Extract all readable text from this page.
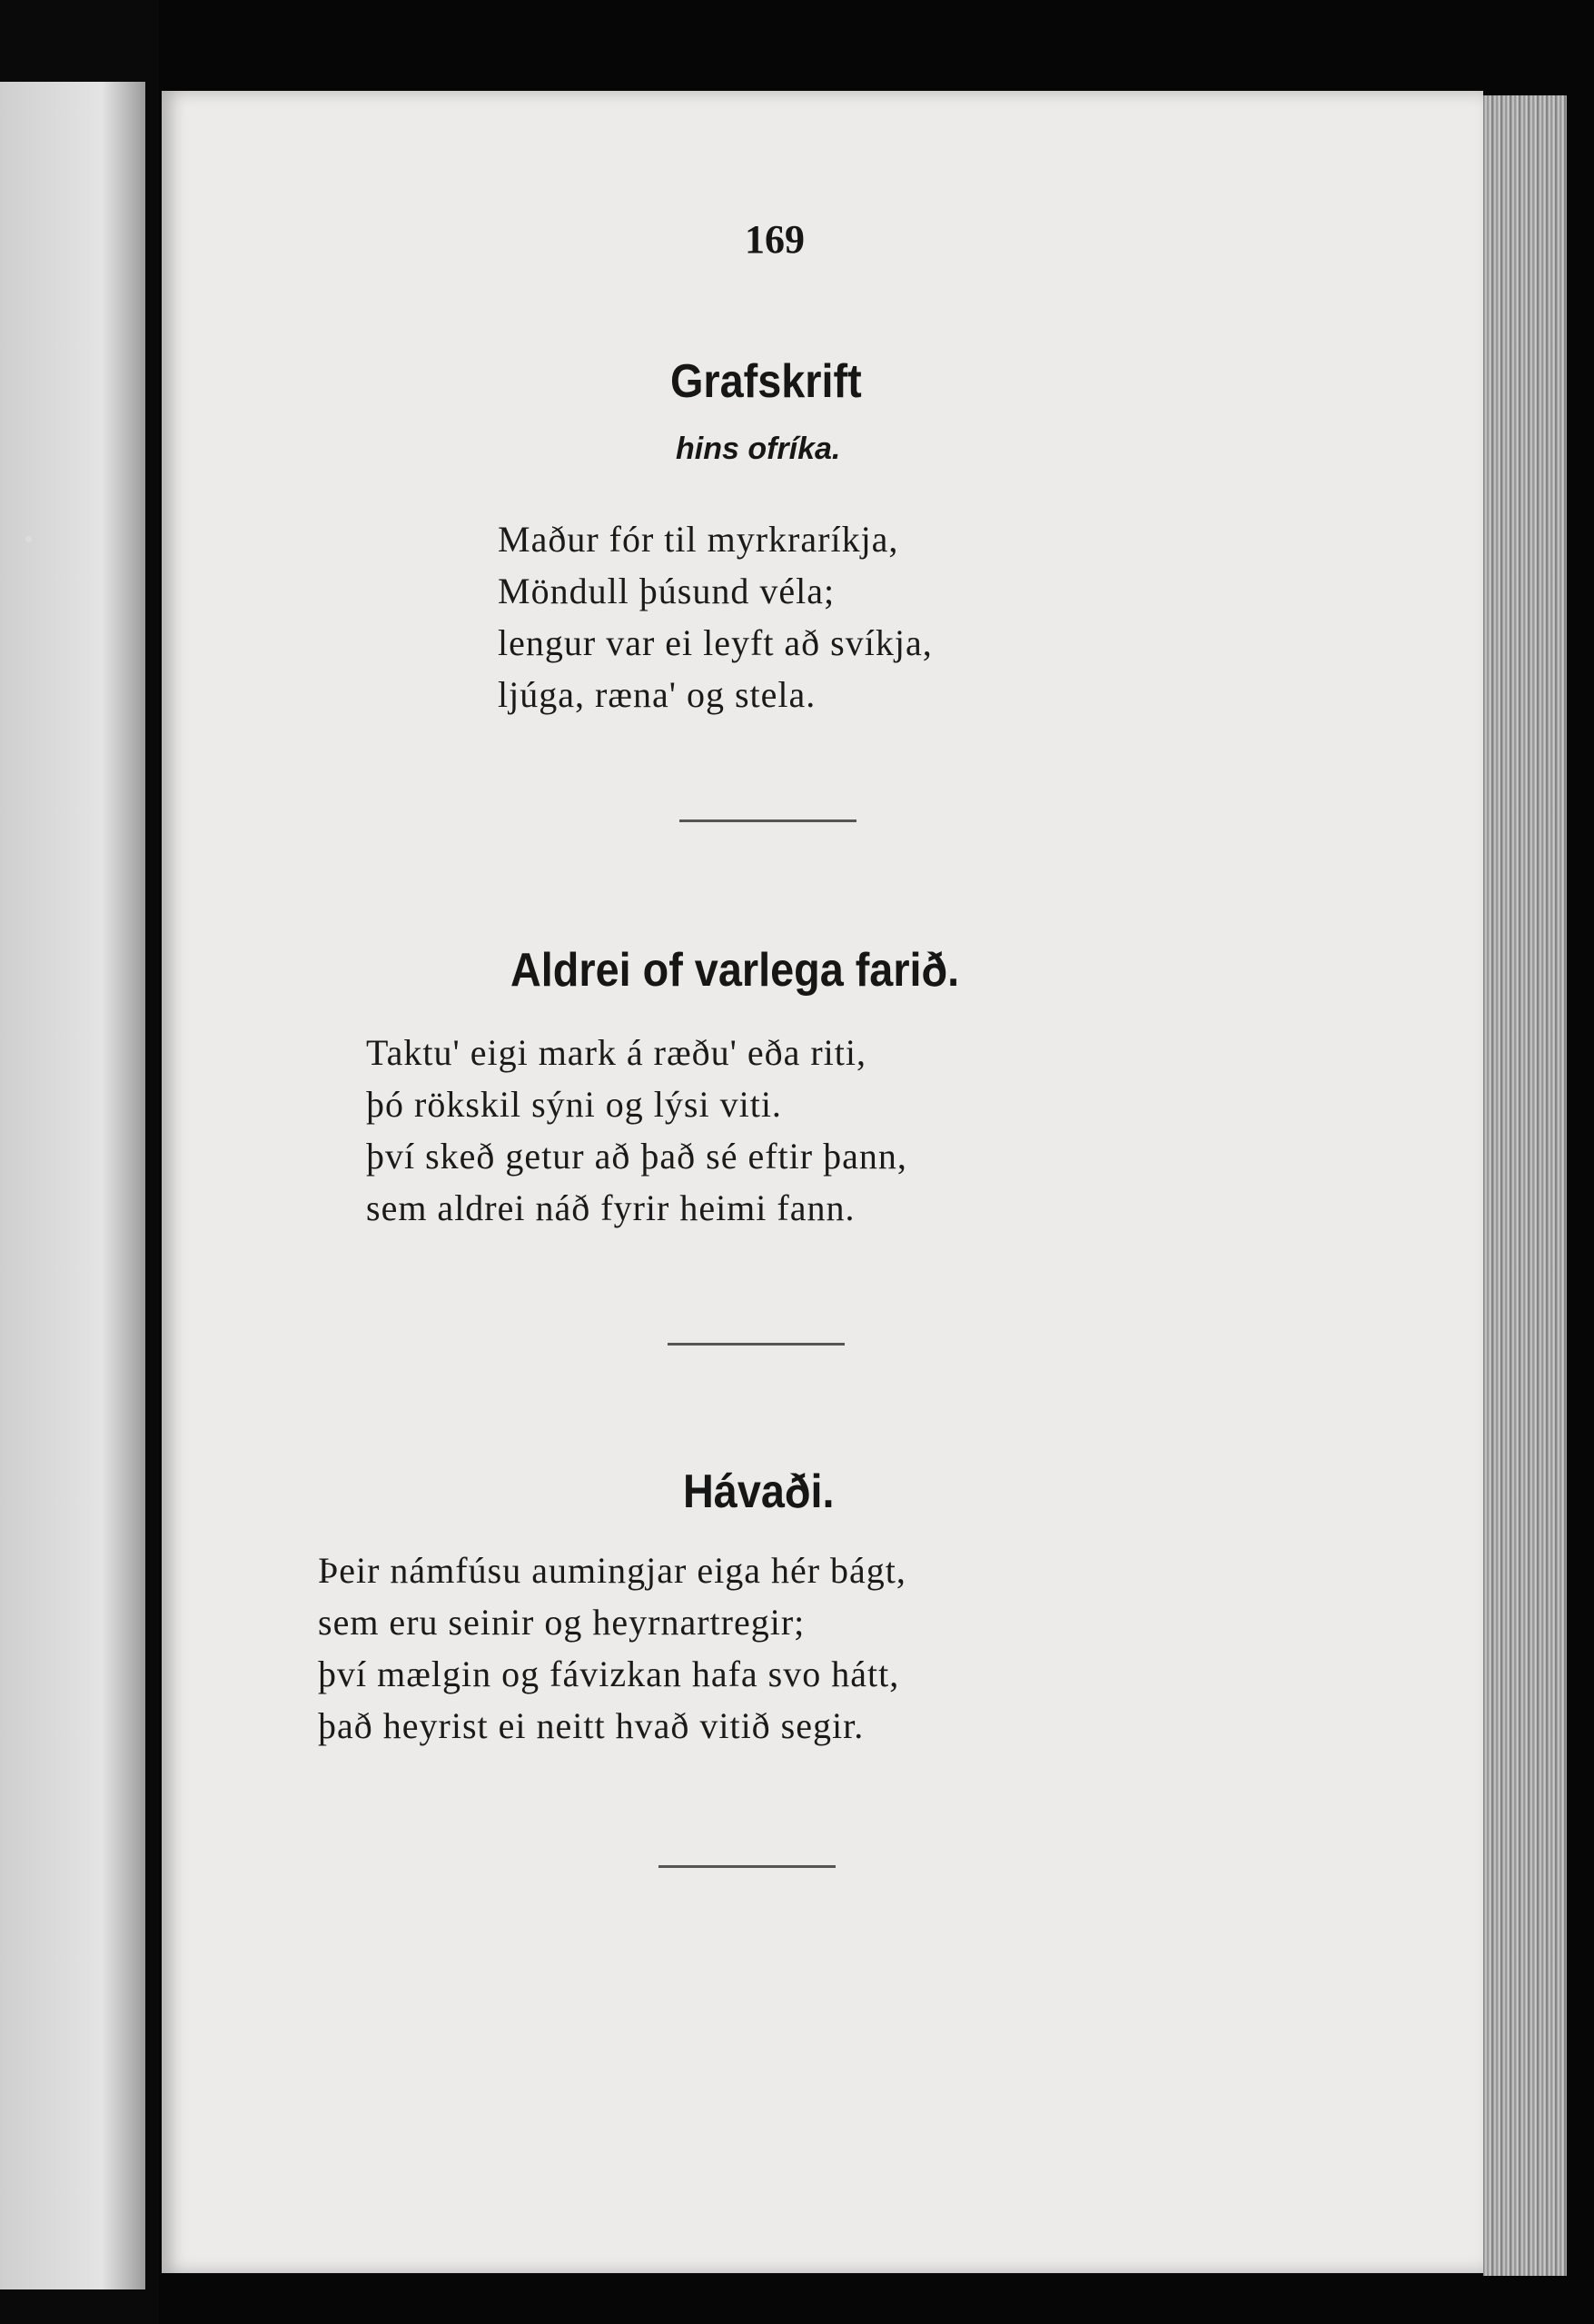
169
Grafskrift
hins ofríka.
Maður fór til myrkraríkja,
Möndull þúsund véla;
lengur var ei leyft að svíkja,
ljúga, ræna' og stela.
Aldrei of varlega farið.
Taktu' eigi mark á ræðu' eða riti,
þó rökskil sýni og lýsi viti.
því skeð getur að það sé eftir þann,
sem aldrei náð fyrir heimi fann.
Hávaði.
Þeir námfúsu aumingjar eiga hér bágt,
sem eru seinir og heyrnartregir;
því mælgin og fávizkan hafa svo hátt,
það heyrist ei neitt hvað vitið segir.
